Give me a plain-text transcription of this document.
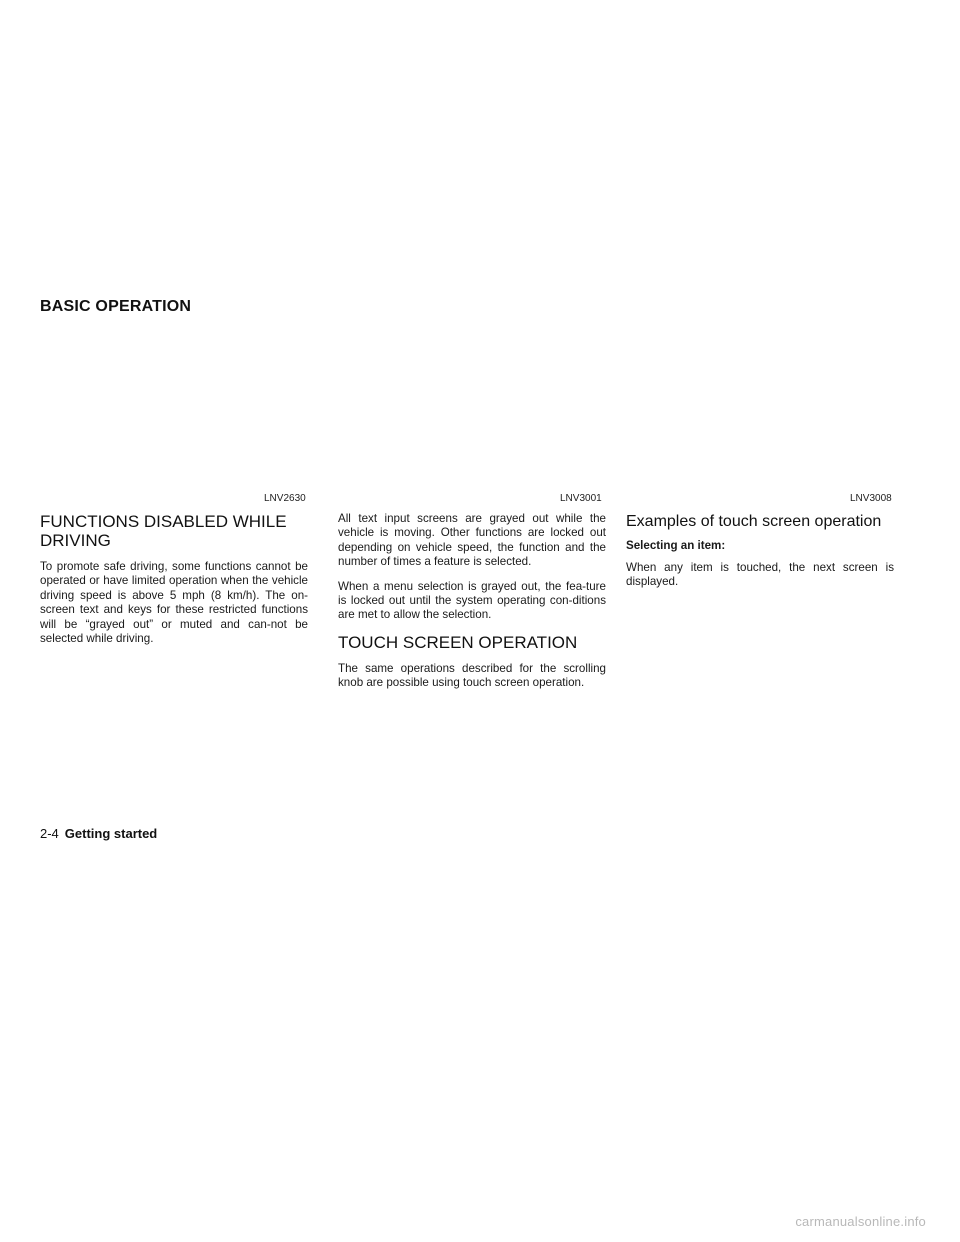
BASIC OPERATION
LNV2630	LNV3001	LNV3008
FUNCTIONS DISABLED WHILE DRIVING

To promote safe driving, some functions cannot be operated or have limited operation when the vehicle driving speed is above 5 mph (8 km/h). The on-screen text and keys for these restricted functions will be “grayed out” or muted and can-not be selected while driving.

All text input screens are grayed out while the vehicle is moving. Other functions are locked out depending on vehicle speed, the function and the number of times a feature is selected.

When a menu selection is grayed out, the fea-ture is locked out until the system operating con-ditions are met to allow the selection.

TOUCH SCREEN OPERATION

The same operations described for the scrolling knob are possible using touch screen operation.

Examples of touch screen operation

Selecting an item:

When any item is touched, the next screen is displayed.

2-4 Getting started
carmanualsonline.info
